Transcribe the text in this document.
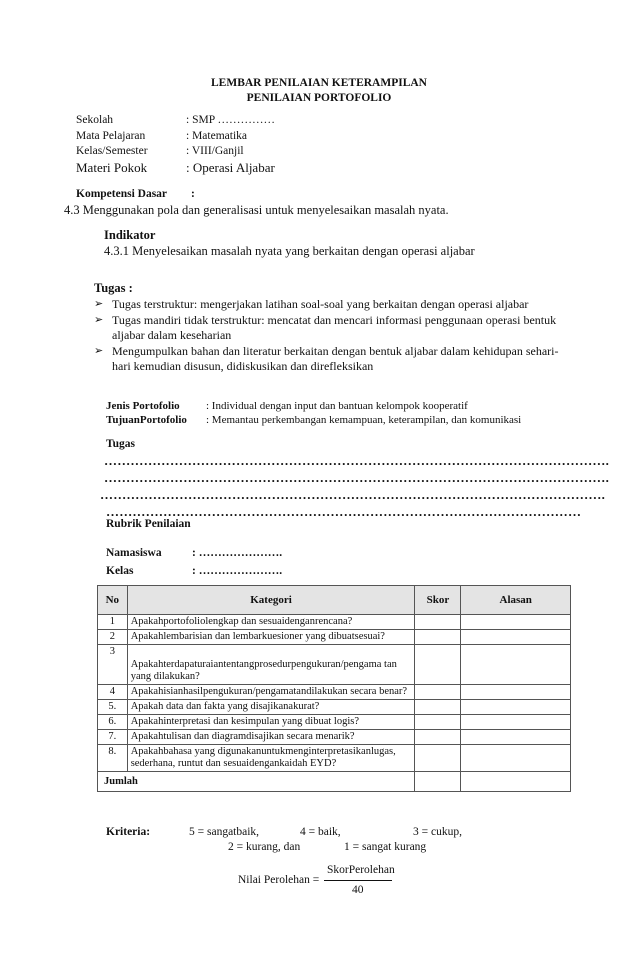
LEMBAR PENILAIAN KETERAMPILAN
PENILAIAN PORTOFOLIO
Sekolah	: SMP ……………
Mata Pelajaran	: Matematika
Kelas/Semester	: VIII/Ganjil
Materi Pokok	: Operasi Aljabar
Kompetensi Dasar :
4.3 Menggunakan pola dan generalisasi untuk menyelesaikan masalah nyata.
Indikator
4.3.1 Menyelesaikan masalah nyata yang berkaitan dengan operasi aljabar
Tugas :
➢ Tugas terstruktur: mengerjakan latihan soal-soal yang berkaitan dengan operasi aljabar
➢ Tugas mandiri tidak terstruktur: mencatat dan mencari informasi penggunaan operasi bentuk aljabar dalam keseharian
➢ Mengumpulkan bahan dan literatur berkaitan dengan bentuk aljabar dalam kehidupan sehari-hari kemudian disusun, didiskusikan dan direfleksikan
Jenis Portofolio : Individual dengan input dan bantuan kelompok kooperatif
TujuanPortofolio : Memantau perkembangan kemampuan, keterampilan, dan komunikasi
Tugas
…………………………………………………………………………………………………….
…………………………………………………………………………………………………….
…………………………………………………………………………………………………….
………………………………………………………………………………………………
Rubrik Penilaian
Namasiswa	: ………………….
Kelas	: ………………….
No	Kategori	Skor	Alasan
1	Apakahportofoliolengkap dan sesuaidenganrencana?		
2	Apakahlembarisian dan lembarkuesioner yang dibuatsesuai?		
3	Apakahterdapaturaiantentangprosedurpengukuran/pengama tan yang dilakukan?		
4	Apakahisianhasilpengukuran/pengamatandilakukan secara benar?		
5.	Apakah data dan fakta yang disajikanakurat?		
6.	Apakahinterpretasi dan kesimpulan yang dibuat logis?		
7.	Apakahtulisan dan diagramdisajikan secara menarik?		
8.	Apakahbahasa yang digunakanuntukmenginterpretasikanlugas, sederhana, runtut dan sesuaidengankaidah EYD?		
Jumlah			
Kriteria:	5 = sangatbaik,	4 = baik,	3 = cukup,
2 = kurang, dan	1 = sangat kurang
SkorPerolehan
Nilai Perolehan =
40
